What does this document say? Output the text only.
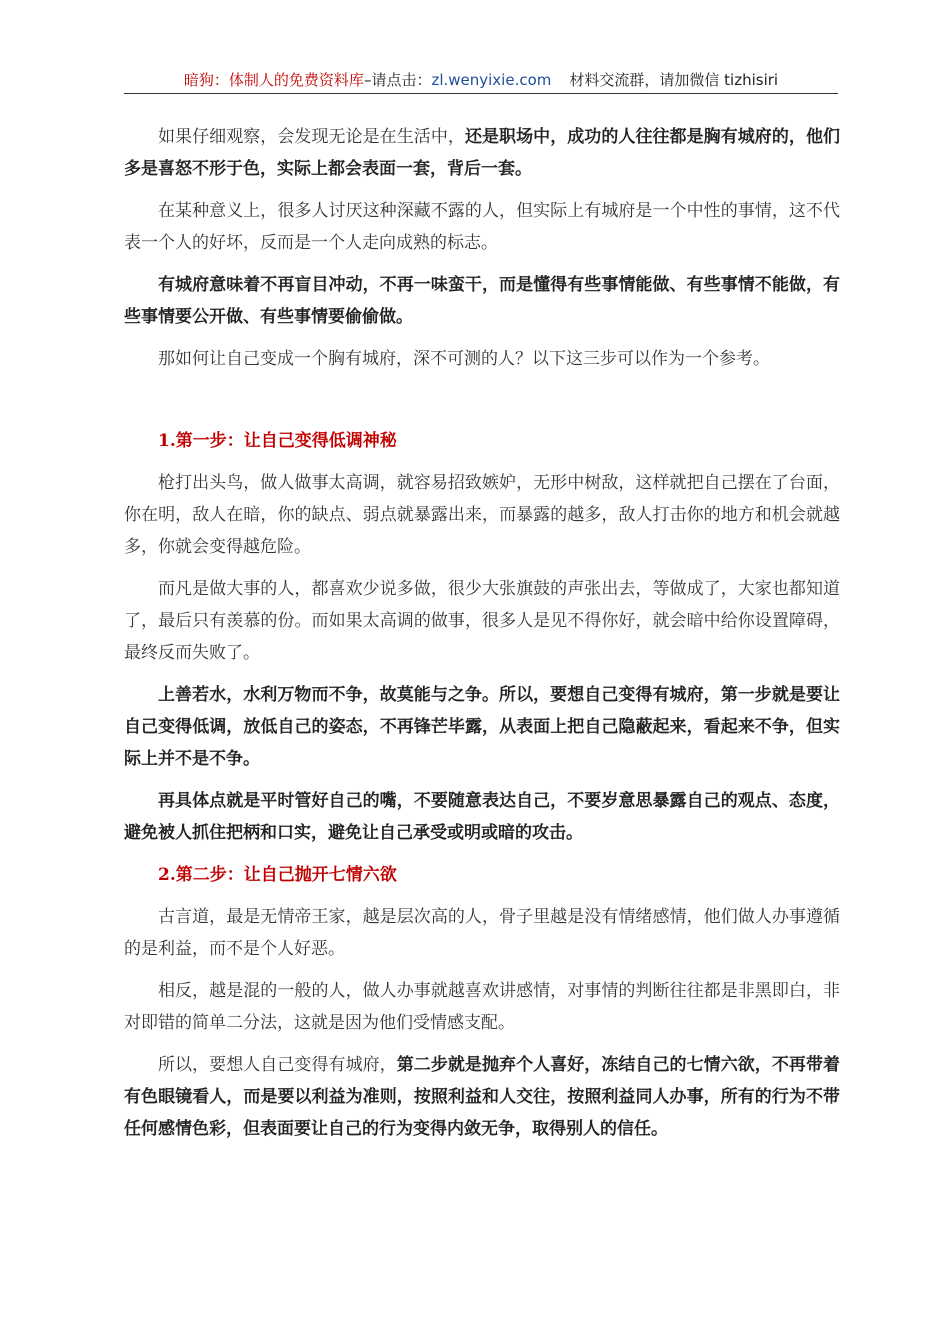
暗狗：体制人的免费资料库–请点击：zl.wenyixie.com 材料交流群，请加微信 tizhisiri

如果仔细观察，会发现无论是在生活中，还是职场中，成功的人往往都是胸有城府的，他们多是喜怒不形于色，实际上都会表面一套，背后一套。

在某种意义上，很多人讨厌这种深藏不露的人，但实际上有城府是一个中性的事情，这不代表一个人的好坏，反而是一个人走向成熟的标志。

有城府意味着不再盲目冲动，不再一味蛮干，而是懂得有些事情能做、有些事情不能做，有些事情要公开做、有些事情要偷偷做。

那如何让自己变成一个胸有城府，深不可测的人？以下这三步可以作为一个参考。

1.第一步：让自己变得低调神秘

枪打出头鸟，做人做事太高调，就容易招致嫉妒，无形中树敌，这样就把自己摆在了台面，你在明，敌人在暗，你的缺点、弱点就暴露出来，而暴露的越多，敌人打击你的地方和机会就越多，你就会变得越危险。

而凡是做大事的人，都喜欢少说多做，很少大张旗鼓的声张出去，等做成了，大家也都知道了，最后只有羡慕的份。而如果太高调的做事，很多人是见不得你好，就会暗中给你设置障碍，最终反而失败了。

上善若水，水利万物而不争，故莫能与之争。所以，要想自己变得有城府，第一步就是要让自己变得低调，放低自己的姿态，不再锋芒毕露，从表面上把自己隐蔽起来，看起来不争，但实际上并不是不争。

再具体点就是平时管好自己的嘴，不要随意表达自己，不要岁意思暴露自己的观点、态度，避免被人抓住把柄和口实，避免让自己承受或明或暗的攻击。

2.第二步：让自己抛开七情六欲

古言道，最是无情帝王家，越是层次高的人，骨子里越是没有情绪感情，他们做人办事遵循的是利益，而不是个人好恶。

相反，越是混的一般的人，做人办事就越喜欢讲感情，对事情的判断往往都是非黑即白，非对即错的简单二分法，这就是因为他们受情感支配。

所以，要想人自己变得有城府，第二步就是抛弃个人喜好，冻结自己的七情六欲，不再带着有色眼镜看人，而是要以利益为准则，按照利益和人交往，按照利益同人办事，所有的行为不带任何感情色彩，但表面要让自己的行为变得内敛无争，取得别人的信任。
